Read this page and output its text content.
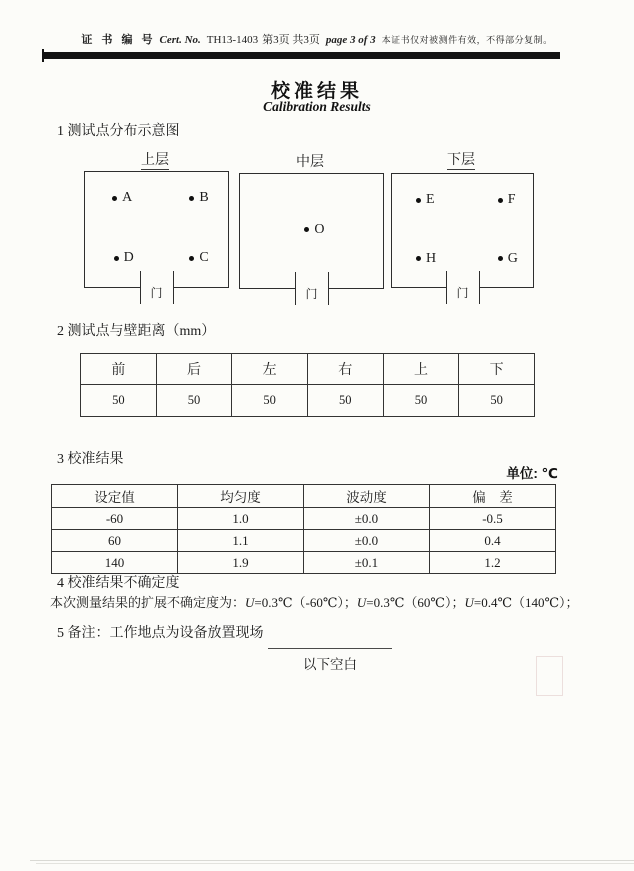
证 书 编 号 Cert. No. TH13-1403 第3页 共3页 page 3 of 3 本证书仅对被测件有效，不得部分复制。
校准结果
Calibration Results
1 测试点分布示意图
上层	中层	下层
A	B
D	C
门
O
门
E	F
H	G
门
2 测试点与壁距离（mm）
前	后	左	右	上	下
50	50	50	50	50	50
3 校准结果
单位: ℃
设定值	均匀度	波动度	偏　差
-60	1.0	±0.0	-0.5
60	1.1	±0.0	0.4
140	1.9	±0.1	1.2
4 校准结果不确定度
本次测量结果的扩展不确定度为：U=0.3℃（-60℃）；U=0.3℃（60℃）；U=0.4℃（140℃）；
5 备注：工作地点为设备放置现场
以下空白
